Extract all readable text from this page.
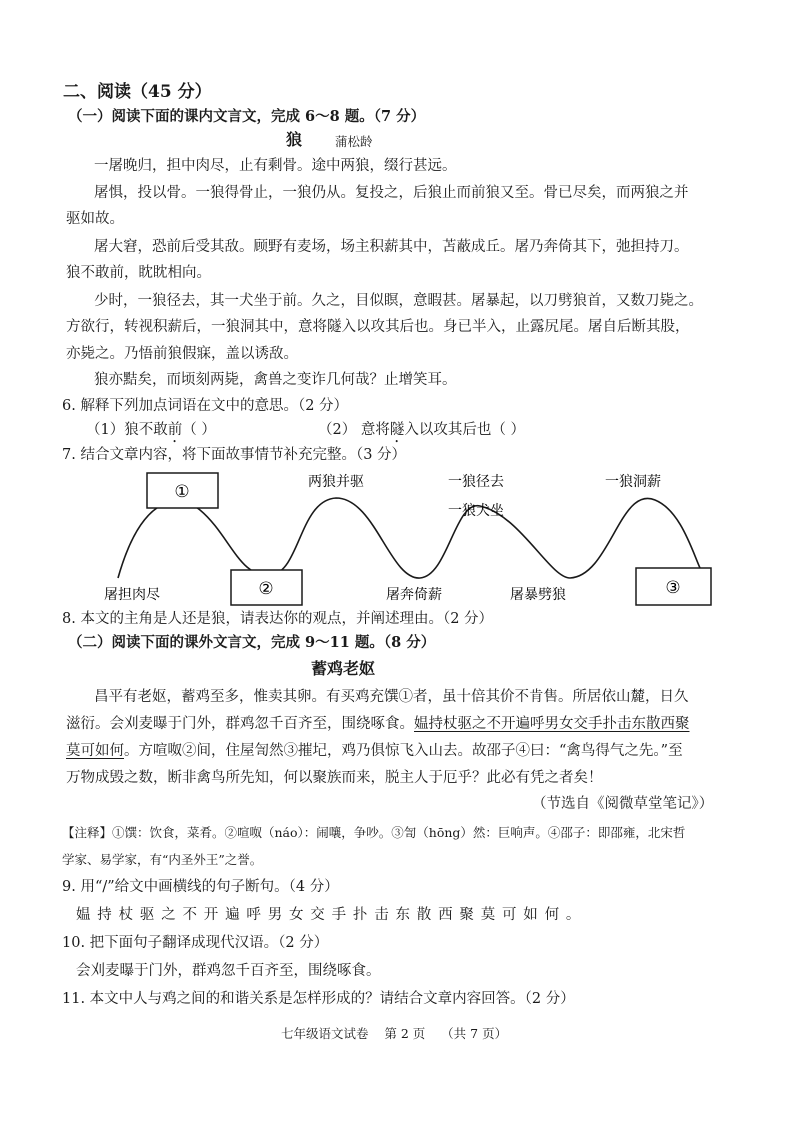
二、阅读（45 分）
（一）阅读下面的课内文言文，完成 6～8 题。（7 分）
狼	蒲松龄
一屠晚归，担中肉尽，止有剩骨。途中两狼，缀行甚远。
屠惧，投以骨。一狼得骨止，一狼仍从。复投之，后狼止而前狼又至。骨已尽矣，而两狼之并
驱如故。
屠大窘，恐前后受其敌。顾野有麦场，场主积薪其中，苫蔽成丘。屠乃奔倚其下，弛担持刀。
狼不敢前，眈眈相向。
少时，一狼径去，其一犬坐于前。久之，目似瞑，意暇甚。屠暴起，以刀劈狼首，又数刀毙之。
方欲行，转视积薪后，一狼洞其中，意将隧入以攻其后也。身已半入，止露尻尾。屠自后断其股，
亦毙之。乃悟前狼假寐，盖以诱敌。
狼亦黠矣，而顷刻两毙，禽兽之变诈几何哉？止增笑耳。
6. 解释下列加点词语在文中的意思。（2 分）
（1）狼不敢前（ ）	（2） 意将隧入以攻其后也（ ）
7. 结合文章内容，将下面故事情节补充完整。（3 分）
①
②	③
两狼并驱	一狼径去
一狼犬坐
一狼洞薪
屠担肉尽	屠奔倚薪	屠暴劈狼
8. 本文的主角是人还是狼，请表达你的观点，并阐述理由。（2 分）
（二）阅读下面的课外文言文，完成 9～11 题。（8 分）
蓄鸡老妪
昌平有老妪，蓄鸡至多，惟卖其卵。有买鸡充馔①者，虽十倍其价不肯售。所居依山麓，日久
滋衍。会刈麦曝于门外，群鸡忽千百齐至，围绕啄食。媪持杖驱之不开遍呼男女交手扑击东散西聚
莫可如何。方喧呶②间，住屋訇然③摧圮，鸡乃俱惊飞入山去。故邵子④曰：“禽鸟得气之先。”至
万物成毁之数，断非禽鸟所先知，何以聚族而来，脱主人于厄乎？此必有凭之者矣！
（节选自《阅微草堂笔记》）
【注释】①馔：饮食，菜肴。②喧呶（náo）：闹嚷，争吵。③訇（hōng）然：巨响声。④邵子：即邵雍，北宋哲
学家、易学家，有“内圣外王”之誉。
9. 用“/”给文中画横线的句子断句。（4 分）
媪持杖驱之不开遍呼男女交手扑击东散西聚莫可如何。
10. 把下面句子翻译成现代汉语。（2 分）
会刈麦曝于门外，群鸡忽千百齐至，围绕啄食。
11. 本文中人与鸡之间的和谐关系是怎样形成的？请结合文章内容回答。（2 分）
七年级语文试卷    第 2 页    （共 7 页）
